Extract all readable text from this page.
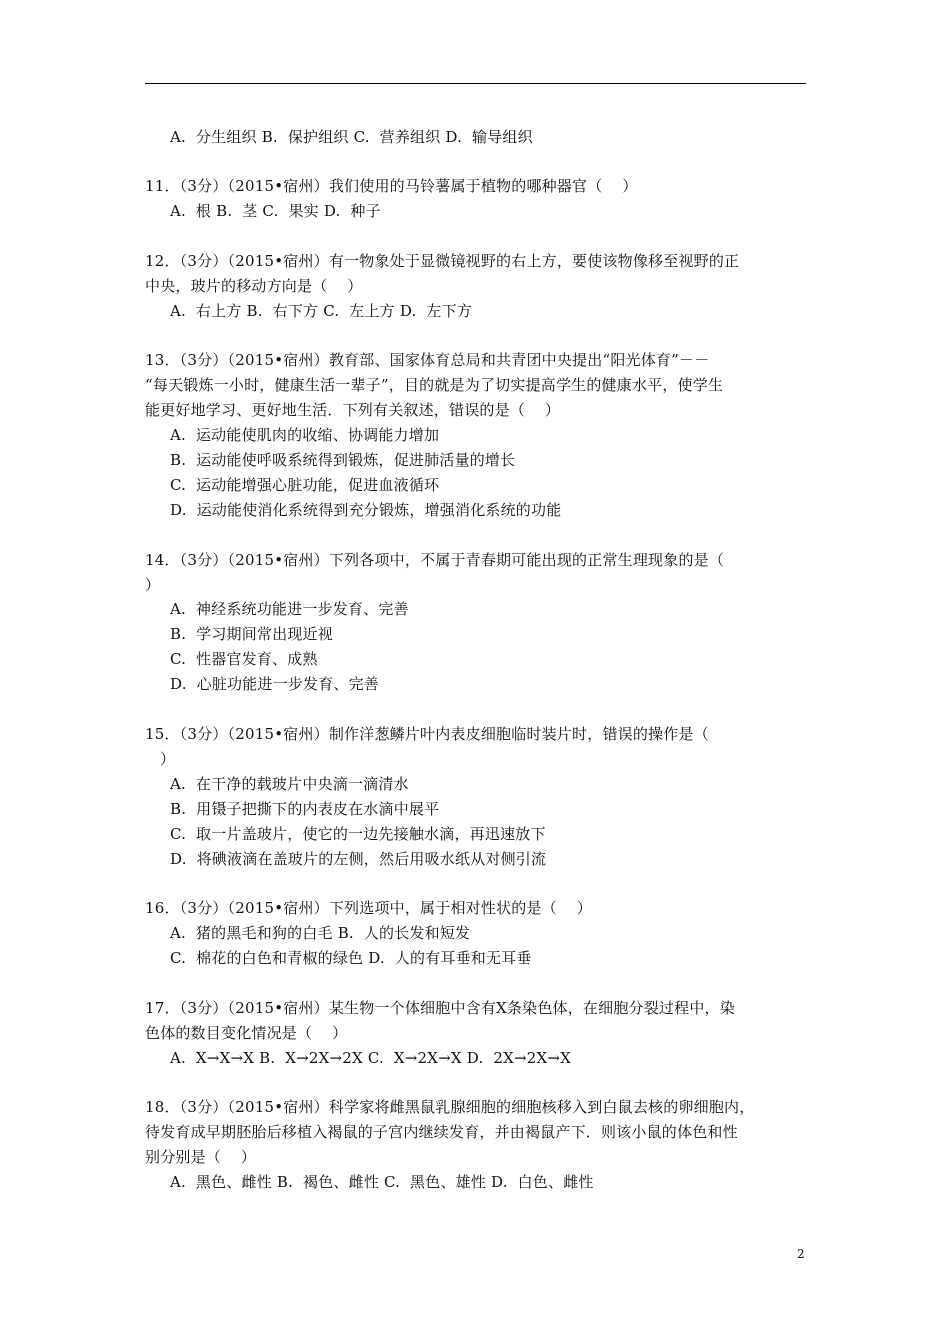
A.  分生组织 B.  保护组织 C.  营养组织 D.  输导组织
11．（3分）（2015•宿州）我们使用的马铃薯属于植物的哪种器官（    ）
A.  根 B.  茎 C.  果实 D.  种子
12．（3分）（2015•宿州）有一物象处于显微镜视野的右上方，要使该物像移至视野的正
中央，玻片的移动方向是（    ）
A.  右上方 B.  右下方 C.  左上方 D.  左下方
13．（3分）（2015•宿州）教育部、国家体育总局和共青团中央提出“阳光体育”－－
“每天锻炼一小时，健康生活一辈子”，目的就是为了切实提高学生的健康水平，使学生
能更好地学习、更好地生活．下列有关叙述，错误的是（    ）
A.  运动能使肌肉的收缩、协调能力增加
B.  运动能使呼吸系统得到锻炼，促进肺活量的增长
C.  运动能增强心脏功能，促进血液循环
D.  运动能使消化系统得到充分锻炼，增强消化系统的功能
14．（3分）（2015•宿州）下列各项中，不属于青春期可能出现的正常生理现象的是（
）
A.  神经系统功能进一步发育、完善
B.  学习期间常出现近视
C.  性器官发育、成熟
D.  心脏功能进一步发育、完善
15．（3分）（2015•宿州）制作洋葱鳞片叶内表皮细胞临时装片时，错误的操作是（
）
A.  在干净的载玻片中央滴一滴清水
B.  用镊子把撕下的内表皮在水滴中展平
C.  取一片盖玻片，使它的一边先接触水滴，再迅速放下
D.  将碘液滴在盖玻片的左侧，然后用吸水纸从对侧引流
16．（3分）（2015•宿州）下列选项中，属于相对性状的是（    ）
A.  猪的黑毛和狗的白毛 B.  人的长发和短发
C.  棉花的白色和青椒的绿色 D.  人的有耳垂和无耳垂
17．（3分）（2015•宿州）某生物一个体细胞中含有X条染色体，在细胞分裂过程中，染
色体的数目变化情况是（    ）
A.  X→X→X B.  X→2X→2X C.  X→2X→X D.  2X→2X→X
18．（3分）（2015•宿州）科学家将雌黑鼠乳腺细胞的细胞核移入到白鼠去核的卵细胞内，
待发育成早期胚胎后移植入褐鼠的子宫内继续发育，并由褐鼠产下．则该小鼠的体色和性
别分别是（    ）
A.  黑色、雌性 B.  褐色、雌性 C.  黑色、雄性 D.  白色、雌性
2
